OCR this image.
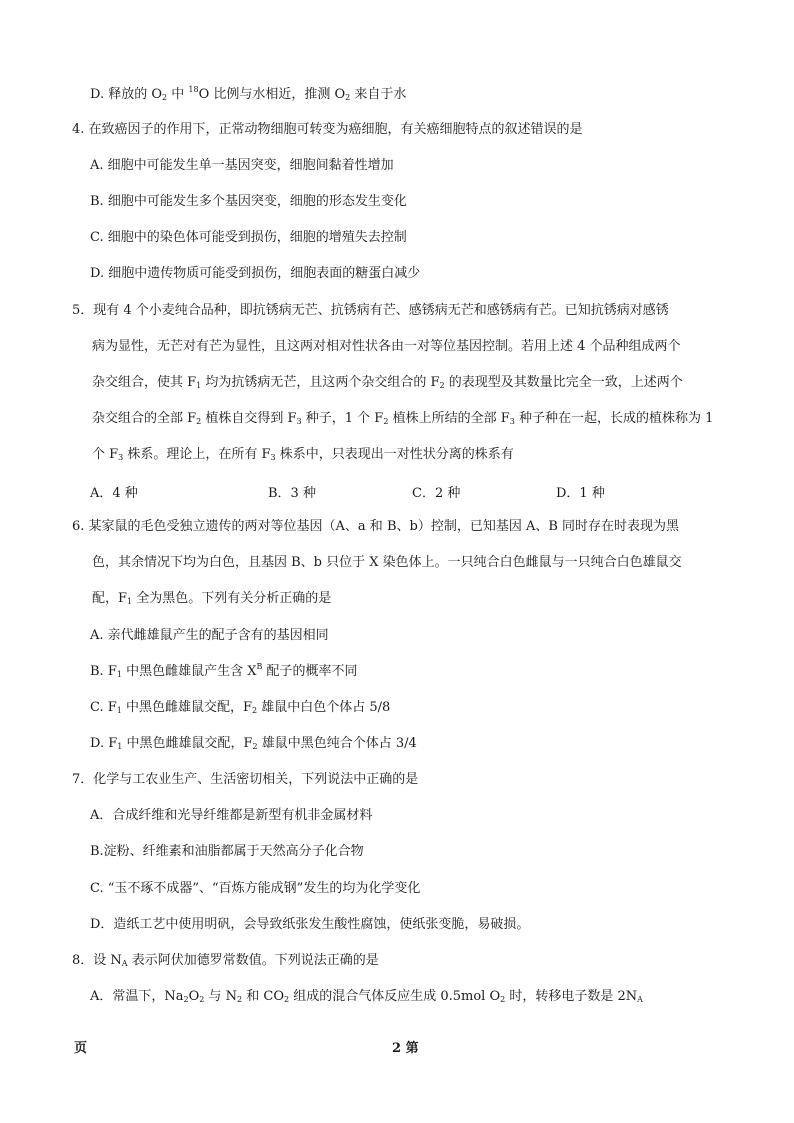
D. 释放的 $O_2$ 中 $^{18}$O 比例与水相近，推测 $O_2$ 来自于水
4. 在致癌因子的作用下，正常动物细胞可转变为癌细胞，有关癌细胞特点的叙述错误的是
A. 细胞中可能发生单一基因突变，细胞间黏着性增加
B. 细胞中可能发生多个基因突变，细胞的形态发生变化
C. 细胞中的染色体可能受到损伤，细胞的增殖失去控制
D. 细胞中遗传物质可能受到损伤，细胞表面的糖蛋白减少
5．现有 4 个小麦纯合品种，即抗锈病无芒、抗锈病有芒、感锈病无芒和感锈病有芒。已知抗锈病对感锈
病为显性，无芒对有芒为显性，且这两对相对性状各由一对等位基因控制。若用上述 4 个品种组成两个
杂交组合，使其 $F_1$ 均为抗锈病无芒，且这两个杂交组合的 $F_2$ 的表现型及其数量比完全一致，上述两个
杂交组合的全部 $F_2$ 植株自交得到 $F_3$ 种子，1 个 $F_2$ 植株上所结的全部 $F_3$ 种子种在一起，长成的植株称为 1
个 $F_3$ 株系。理论上，在所有 $F_3$ 株系中，只表现出一对性状分离的株系有
A．4 种	B．3 种	C．2 种	D．1 种
6. 某家鼠的毛色受独立遗传的两对等位基因（A、a 和 B、b）控制，已知基因 A、B 同时存在时表现为黑
色，其余情况下均为白色，且基因 B、b 只位于 X 染色体上。一只纯合白色雌鼠与一只纯合白色雄鼠交
配，$F_1$ 全为黑色。下列有关分析正确的是
A. 亲代雌雄鼠产生的配子含有的基因相同
B. $F_1$ 中黑色雌雄鼠产生含 $X^B$ 配子的概率不同
C. $F_1$ 中黑色雌雄鼠交配，$F_2$ 雄鼠中白色个体占 5/8
D. $F_1$ 中黑色雌雄鼠交配，$F_2$ 雄鼠中黑色纯合个体占 3/4
7．化学与工农业生产、生活密切相关，下列说法中正确的是
A．合成纤维和光导纤维都是新型有机非金属材料
B.淀粉、纤维素和油脂都属于天然高分子化合物
C. “玉不琢不成器”、“百炼方能成钢”发生的均为化学变化
D．造纸工艺中使用明矾，会导致纸张发生酸性腐蚀，使纸张变脆，易破损。
8．设 $N_A$ 表示阿伏加德罗常数值。下列说法正确的是
A．常温下，$Na_2O_2$ 与 $N_2$ 和 $CO_2$ 组成的混合气体反应生成 0.5mol $O_2$ 时，转移电子数是 $2N_A$
页	2 第
